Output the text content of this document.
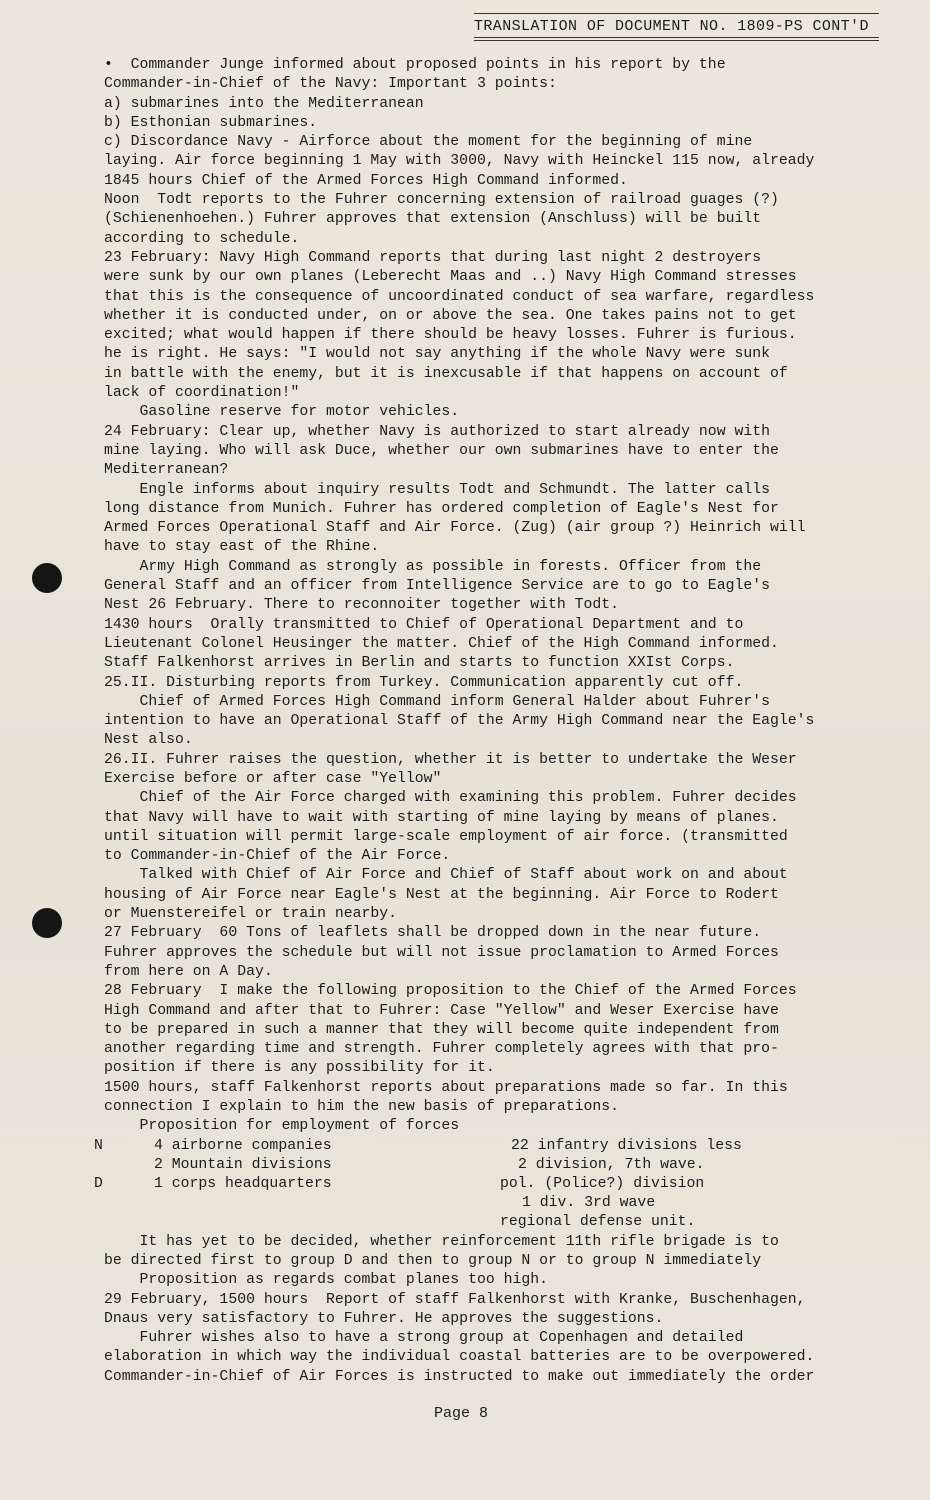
TRANSLATION OF DOCUMENT NO. 1809-PS CONT'D
•  Commander Junge informed about proposed points in his report by the
Commander-in-Chief of the Navy: Important 3 points:
a) submarines into the Mediterranean
b) Esthonian submarines.
c) Discordance Navy - Airforce about the moment for the beginning of mine
laying. Air force beginning 1 May with 3000, Navy with Heinckel 115 now, already
1845 hours Chief of the Armed Forces High Command informed.
Noon  Todt reports to the Fuhrer concerning extension of railroad guages (?)
(Schienenhoehen.) Fuhrer approves that extension (Anschluss) will be built
according to schedule.
23 February: Navy High Command reports that during last night 2 destroyers
were sunk by our own planes (Leberecht Maas and ..) Navy High Command stresses
that this is the consequence of uncoordinated conduct of sea warfare, regardless
whether it is conducted under, on or above the sea. One takes pains not to get
excited; what would happen if there should be heavy losses. Fuhrer is furious.
he is right. He says: "I would not say anything if the whole Navy were sunk
in battle with the enemy, but it is inexcusable if that happens on account of
lack of coordination!"
Gasoline reserve for motor vehicles.
24 February: Clear up, whether Navy is authorized to start already now with
mine laying. Who will ask Duce, whether our own submarines have to enter the
Mediterranean?
Engle informs about inquiry results Todt and Schmundt. The latter calls
long distance from Munich. Fuhrer has ordered completion of Eagle's Nest for
Armed Forces Operational Staff and Air Force. (Zug) (air group ?) Heinrich will
have to stay east of the Rhine.
Army High Command as strongly as possible in forests. Officer from the
General Staff and an officer from Intelligence Service are to go to Eagle's
Nest 26 February. There to reconnoiter together with Todt.
1430 hours  Orally transmitted to Chief of Operational Department and to
Lieutenant Colonel Heusinger the matter. Chief of the High Command informed.
Staff Falkenhorst arrives in Berlin and starts to function XXIst Corps.
25.II. Disturbing reports from Turkey. Communication apparently cut off.
Chief of Armed Forces High Command inform General Halder about Fuhrer's
intention to have an Operational Staff of the Army High Command near the Eagle's
Nest also.
26.II. Fuhrer raises the question, whether it is better to undertake the Weser
Exercise before or after case "Yellow"
Chief of the Air Force charged with examining this problem. Fuhrer decides
that Navy will have to wait with starting of mine laying by means of planes.
until situation will permit large-scale employment of air force. (transmitted
to Commander-in-Chief of the Air Force.
Talked with Chief of Air Force and Chief of Staff about work on and about
housing of Air Force near Eagle's Nest at the beginning. Air Force to Rodert
or Muenstereifel or train nearby.
27 February  60 Tons of leaflets shall be dropped down in the near future.
Fuhrer approves the schedule but will not issue proclamation to Armed Forces
from here on A Day.
28 February  I make the following proposition to the Chief of the Armed Forces
High Command and after that to Fuhrer: Case "Yellow" and Weser Exercise have
to be prepared in such a manner that they will become quite independent from
another regarding time and strength. Fuhrer completely agrees with that pro-
position if there is any possibility for it.
1500 hours, staff Falkenhorst reports about preparations made so far. In this
connection I explain to him the new basis of preparations.
Proposition for employment of forces
N
D
4 airborne companies
2 Mountain divisions
1 corps headquarters
22 infantry divisions less
2 division, 7th wave.
pol. (Police?) division
1 div. 3rd wave
regional defense unit.
It has yet to be decided, whether reinforcement 11th rifle brigade is to
be directed first to group D and then to group N or to group N immediately
Proposition as regards combat planes too high.
29 February, 1500 hours  Report of staff Falkenhorst with Kranke, Buschenhagen,
Dnaus very satisfactory to Fuhrer. He approves the suggestions.
Fuhrer wishes also to have a strong group at Copenhagen and detailed
elaboration in which way the individual coastal batteries are to be overpowered.
Commander-in-Chief of Air Forces is instructed to make out immediately the order
Page 8
